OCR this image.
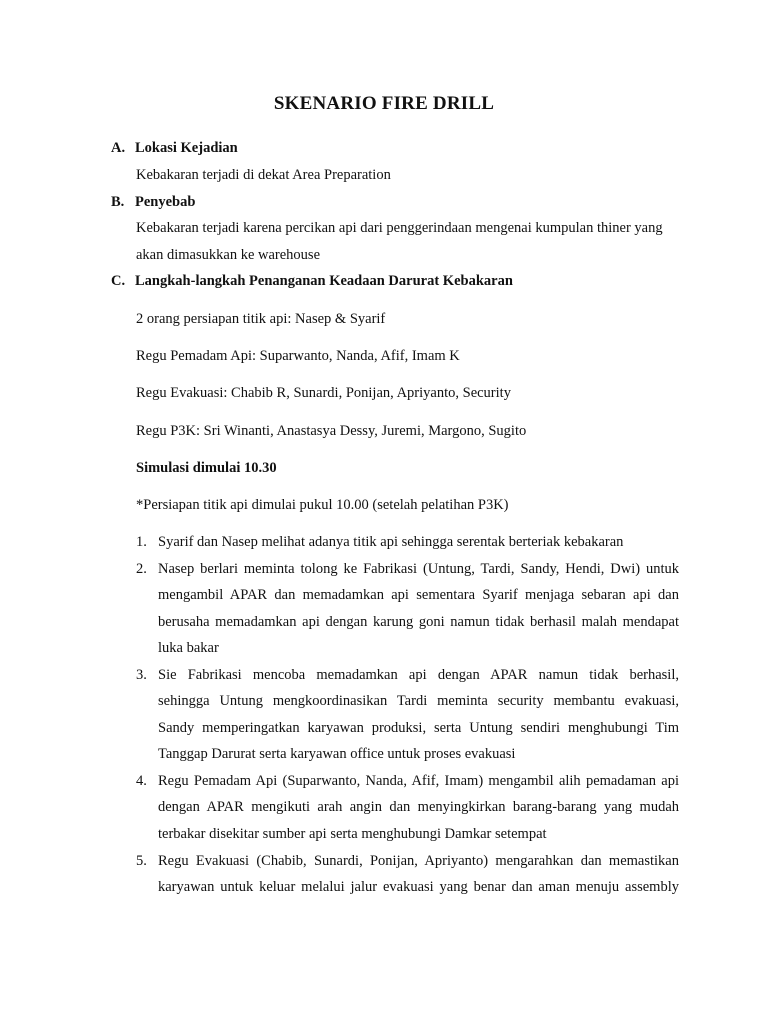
SKENARIO FIRE DRILL
A. Lokasi Kejadian
Kebakaran terjadi di dekat Area Preparation
B. Penyebab
Kebakaran terjadi karena percikan api dari penggerindaan mengenai kumpulan thiner yang
akan dimasukkan ke warehouse
C. Langkah-langkah Penanganan Keadaan Darurat Kebakaran
2 orang persiapan titik api: Nasep & Syarif
Regu Pemadam Api: Suparwanto, Nanda, Afif, Imam K
Regu Evakuasi: Chabib R, Sunardi, Ponijan, Apriyanto, Security
Regu P3K: Sri Winanti, Anastasya Dessy, Juremi, Margono, Sugito
Simulasi dimulai 10.30
*Persiapan titik api dimulai pukul 10.00 (setelah pelatihan P3K)
1. Syarif dan Nasep melihat adanya titik api sehingga serentak berteriak kebakaran
2. Nasep berlari meminta tolong ke Fabrikasi (Untung, Tardi, Sandy, Hendi, Dwi) untuk
mengambil APAR dan memadamkan api sementara Syarif menjaga sebaran api dan
berusaha memadamkan api dengan karung goni namun tidak berhasil malah mendapat
luka bakar
3. Sie Fabrikasi mencoba memadamkan api dengan APAR namun tidak berhasil,
sehingga Untung mengkoordinasikan Tardi meminta security membantu evakuasi,
Sandy memperingatkan karyawan produksi, serta Untung sendiri menghubungi Tim
Tanggap Darurat serta karyawan office untuk proses evakuasi
4. Regu Pemadam Api (Suparwanto, Nanda, Afif, Imam) mengambil alih pemadaman api
dengan APAR mengikuti arah angin dan menyingkirkan barang-barang yang mudah
terbakar disekitar sumber api serta menghubungi Damkar setempat
5. Regu Evakuasi (Chabib, Sunardi, Ponijan, Apriyanto) mengarahkan dan memastikan
karyawan untuk keluar melalui jalur evakuasi yang benar dan aman menuju assembly
